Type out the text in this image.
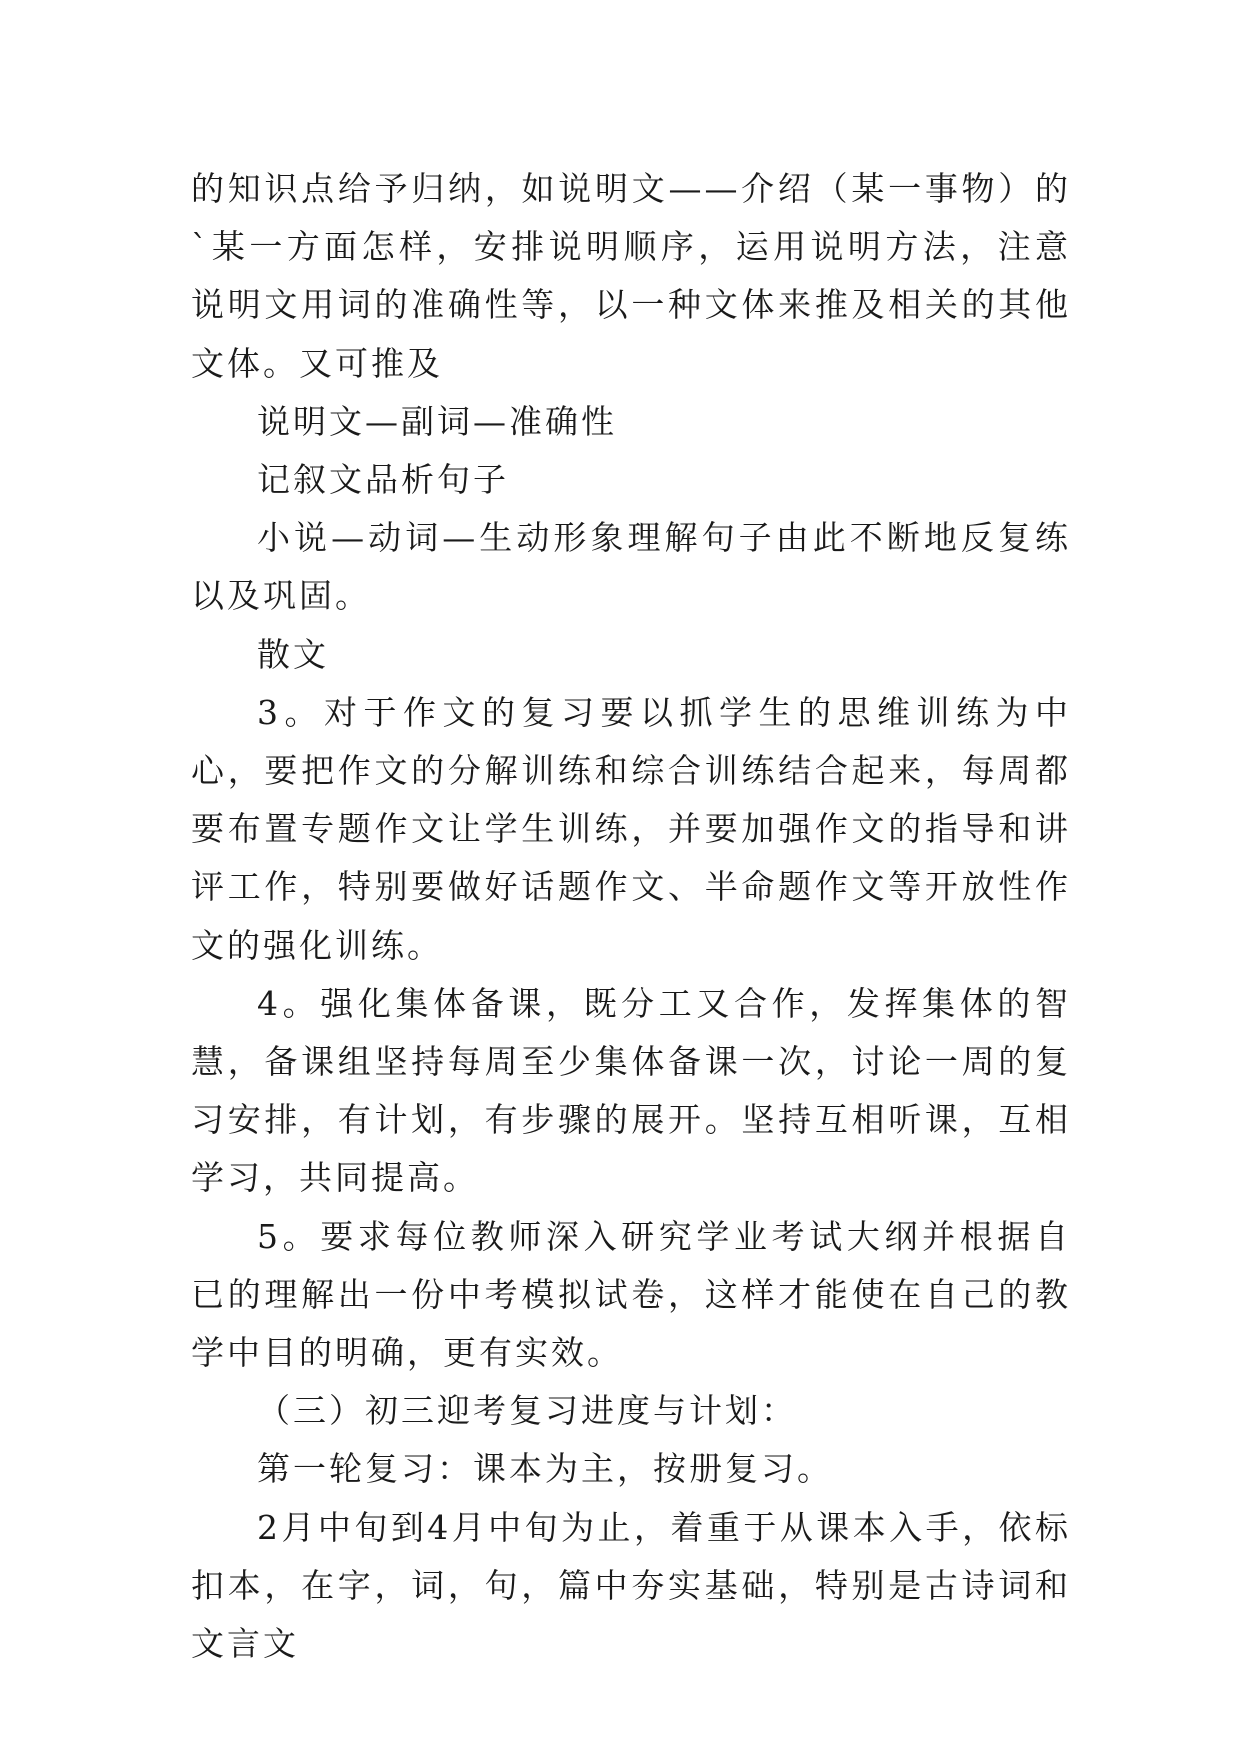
的知识点给予归纳，如说明文——介绍（某一事物）的`某一方面怎样，安排说明顺序，运用说明方法，注意说明文用词的准确性等，以一种文体来推及相关的其他文体。又可推及

说明文—副词—准确性

记叙文品析句子

小说—动词—生动形象理解句子由此不断地反复练以及巩固。

散文

3。对于作文的复习要以抓学生的思维训练为中心，要把作文的分解训练和综合训练结合起来，每周都要布置专题作文让学生训练，并要加强作文的指导和讲评工作，特别要做好话题作文、半命题作文等开放性作文的强化训练。

4。强化集体备课，既分工又合作，发挥集体的智慧，备课组坚持每周至少集体备课一次，讨论一周的复习安排，有计划，有步骤的展开。坚持互相听课，互相学习，共同提高。

5。要求每位教师深入研究学业考试大纲并根据自已的理解出一份中考模拟试卷，这样才能使在自己的教学中目的明确，更有实效。

（三）初三迎考复习进度与计划：

第一轮复习：课本为主，按册复习。

2月中旬到4月中旬为止，着重于从课本入手，依标扣本，在字，词，句，篇中夯实基础，特别是古诗词和文言文
